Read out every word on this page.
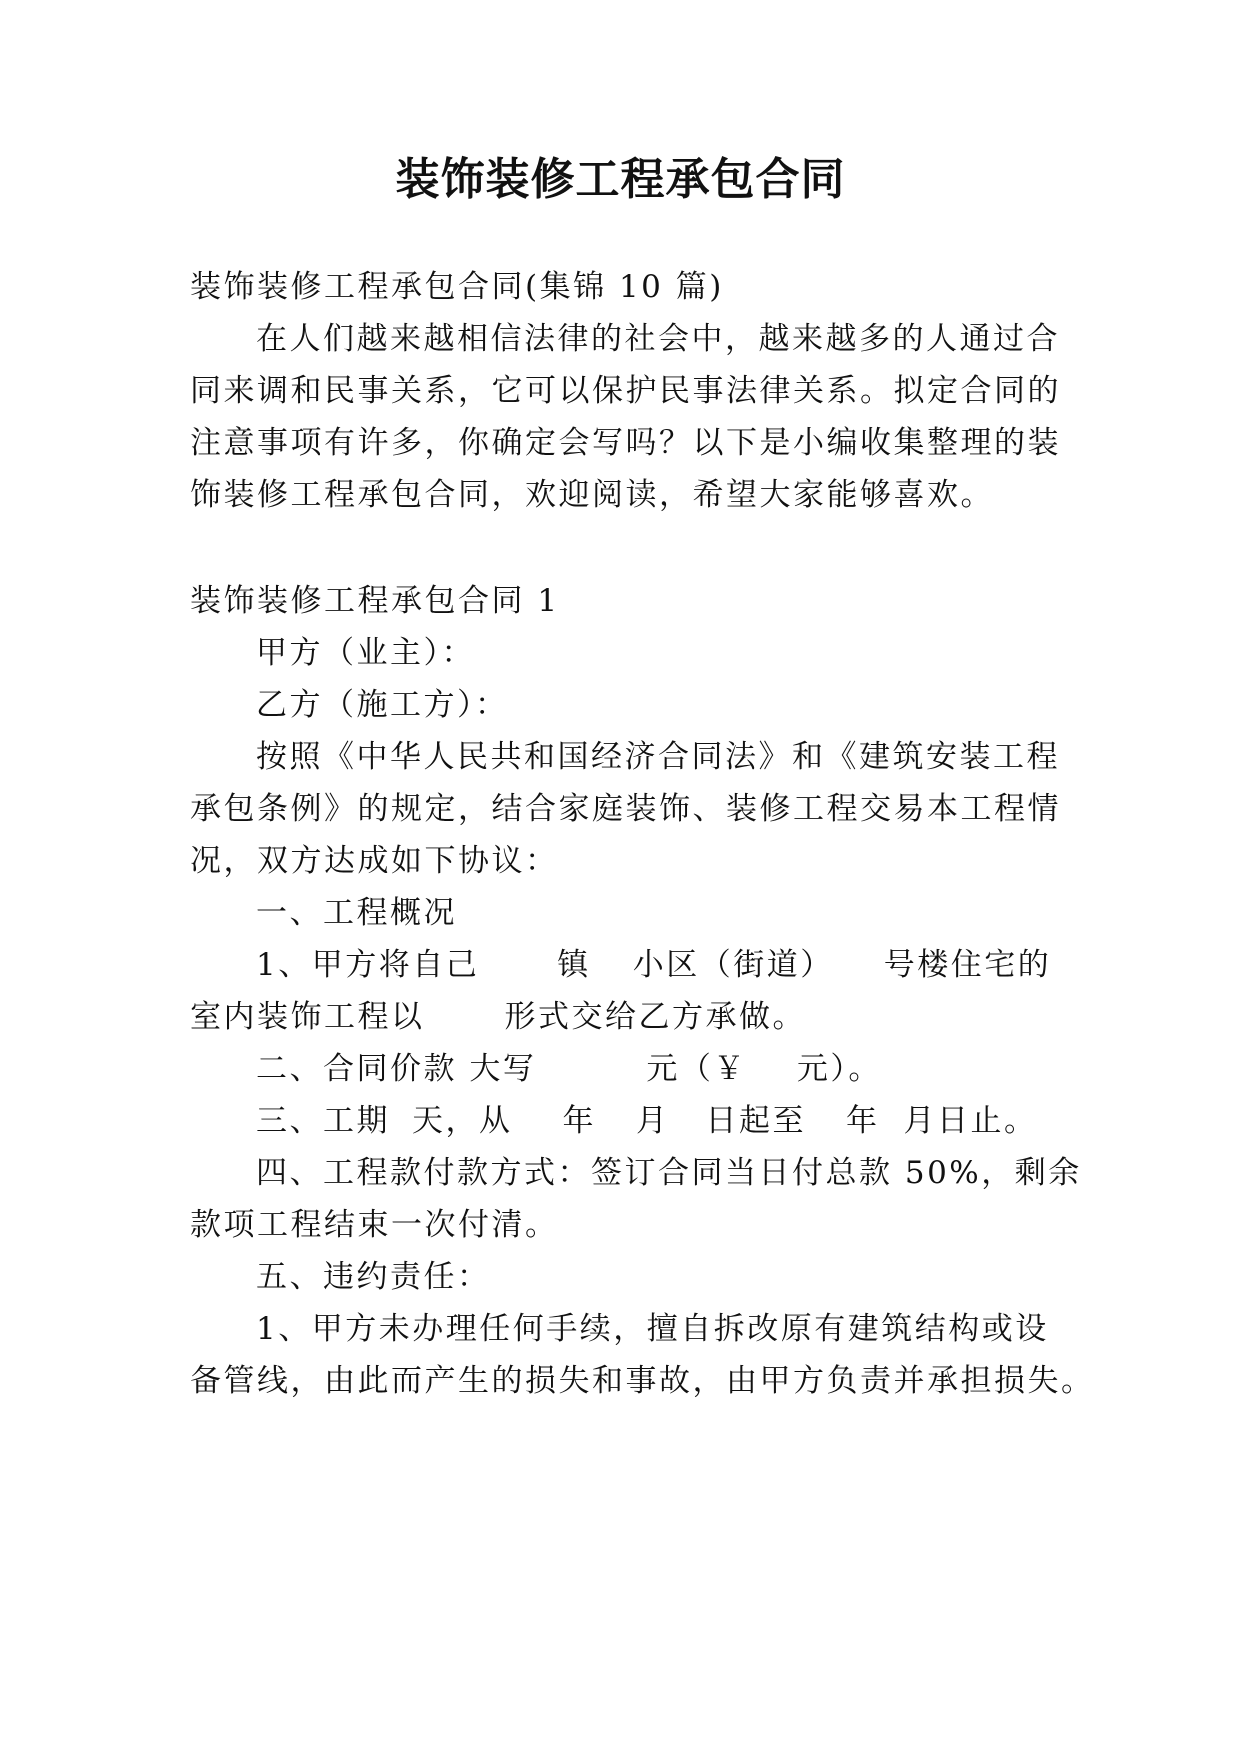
装饰装修工程承包合同
装饰装修工程承包合同(集锦 10 篇)
在人们越来越相信法律的社会中，越来越多的人通过合
同来调和民事关系，它可以保护民事法律关系。拟定合同的
注意事项有许多，你确定会写吗？以下是小编收集整理的装
饰装修工程承包合同，欢迎阅读，希望大家能够喜欢。
装饰装修工程承包合同 1
甲方（业主）：
乙方（施工方）：
按照《中华人民共和国经济合同法》和《建筑安装工程
承包条例》的规定，结合家庭装饰、装修工程交易本工程情
况，双方达成如下协议：
一、工程概况
1、甲方将自己	镇 小区（街道） 号楼住宅的
室内装饰工程以	形式交给乙方承做。
二、合同价款 大写	元（￥ 元）。
三、工期 天，从 年 月 日起至 年 月日止。
四、工程款付款方式：签订合同当日付总款 50%，剩余
款项工程结束一次付清。
五、违约责任：
1、甲方未办理任何手续，擅自拆改原有建筑结构或设
备管线，由此而产生的损失和事故，由甲方负责并承担损失。
